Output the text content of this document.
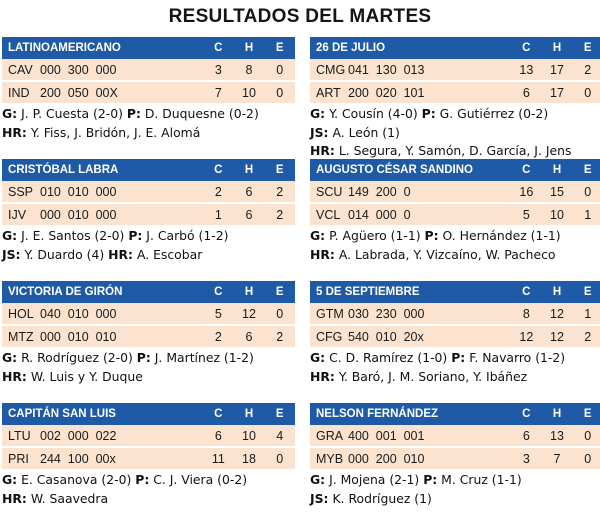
RESULTADOS DEL MARTES
LATINOAMERICANO	C	H	E
CAV 000  300  000	3	8	0
IND 200  050  00X	7	10	0
G: J. P. Cuesta (2-0) P: D. Duquesne (0-2)
HR: Y. Fiss, J. Bridón, J. E. Alomá
CRISTÓBAL LABRA	C	H	E
SSP 010  010  000	2	6	2
IJV	000  010  000	1	6	2
G: J. E. Santos (2-0) P: J. Carbó (1-2)
JS: Y. Duardo (4) HR: A. Escobar
VICTORIA DE GIRÓN	C	H	E
HOL 040  010  000	5	12	0
MTZ 000  010  010	2	6	2
G: R. Rodríguez (2-0) P: J. Martínez (1-2)
HR: W. Luis y Y. Duque
CAPITÁN SAN LUIS	C	H	E
LTU 002  000  022	6	10	4
PRI 244  100  00x	11	18	0
G: E. Casanova (2-0) P: C. J. Viera (0-2)
HR: W. Saavedra
26 DE JULIO	C	H	E
CMG 041  130  013	13	17	2
ART 200  020  101	6	17	0
G: Y. Cousín (4-0) P: G. Gutiérrez (0-2)
JS: A. León (1)
HR: L. Segura, Y. Samón, D. García, J. Jens
AUGUSTO CÉSAR SANDINO	C	H	E
SCU 149  200  0	16	15	0
VCL 014  000  0	5	10	1
G: P. Agüero (1-1) P: O. Hernández (1-1)
HR: A. Labrada, Y. Vizcaíno, W. Pacheco
5 DE SEPTIEMBRE	C	H	E
GTM 030  230  000	8	12	1
CFG 540  010  20x	12	12	2
G: C. D. Ramírez (1-0) P: F. Navarro (1-2)
HR: Y. Baró, J. M. Soriano, Y. Ibáñez
NELSON FERNÁNDEZ	C	H	E
GRA 400  001  001	6	13	0
MYB 000  200  010	3	7	0
G: J. Mojena (2-1) P: M. Cruz (1-1)
JS: K. Rodríguez (1)
